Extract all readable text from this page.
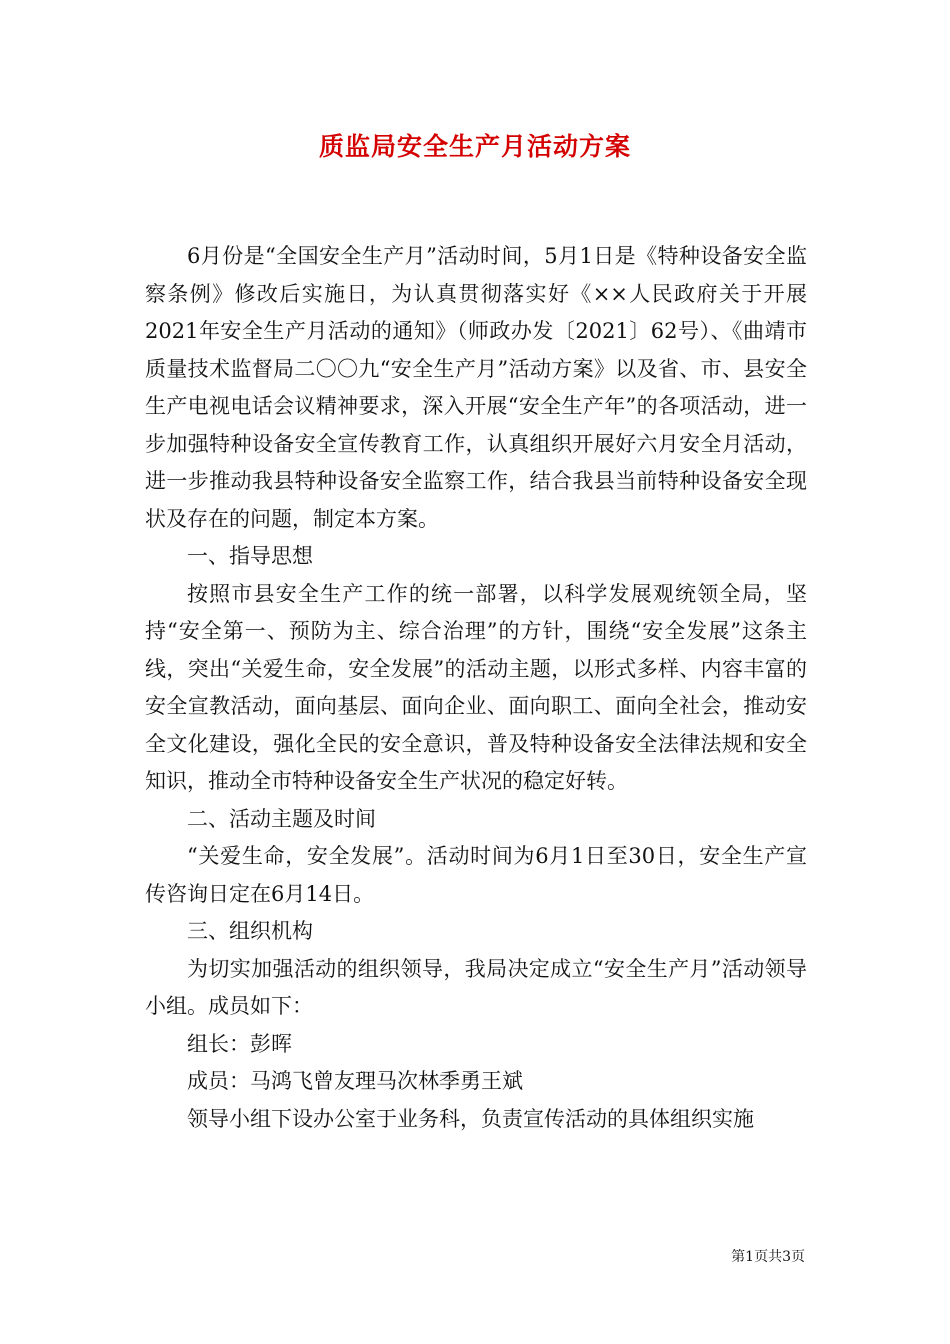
质监局安全生产月活动方案

6月份是“全国安全生产月”活动时间，5月1日是《特种设备安全监察条例》修改后实施日，为认真贯彻落实好《××人民政府关于开展2021年安全生产月活动的通知》（师政办发〔2021〕62号）、《曲靖市质量技术监督局二〇〇九“安全生产月”活动方案》以及省、市、县安全生产电视电话会议精神要求，深入开展“安全生产年”的各项活动，进一步加强特种设备安全宣传教育工作，认真组织开展好六月安全月活动，进一步推动我县特种设备安全监察工作，结合我县当前特种设备安全现状及存在的问题，制定本方案。

一、指导思想

按照市县安全生产工作的统一部署，以科学发展观统领全局，坚持“安全第一、预防为主、综合治理”的方针，围绕“安全发展”这条主线，突出“关爱生命，安全发展”的活动主题，以形式多样、内容丰富的安全宣教活动，面向基层、面向企业、面向职工、面向全社会，推动安全文化建设，强化全民的安全意识，普及特种设备安全法律法规和安全知识，推动全市特种设备安全生产状况的稳定好转。

二、活动主题及时间

“关爱生命，安全发展”。活动时间为6月1日至30日，安全生产宣传咨询日定在6月14日。

三、组织机构

为切实加强活动的组织领导，我局决定成立“安全生产月”活动领导小组。成员如下：

组长：彭晖

成员：马鸿飞曾友理马次林季勇王斌

领导小组下设办公室于业务科，负责宣传活动的具体组织实施

第1页共3页
